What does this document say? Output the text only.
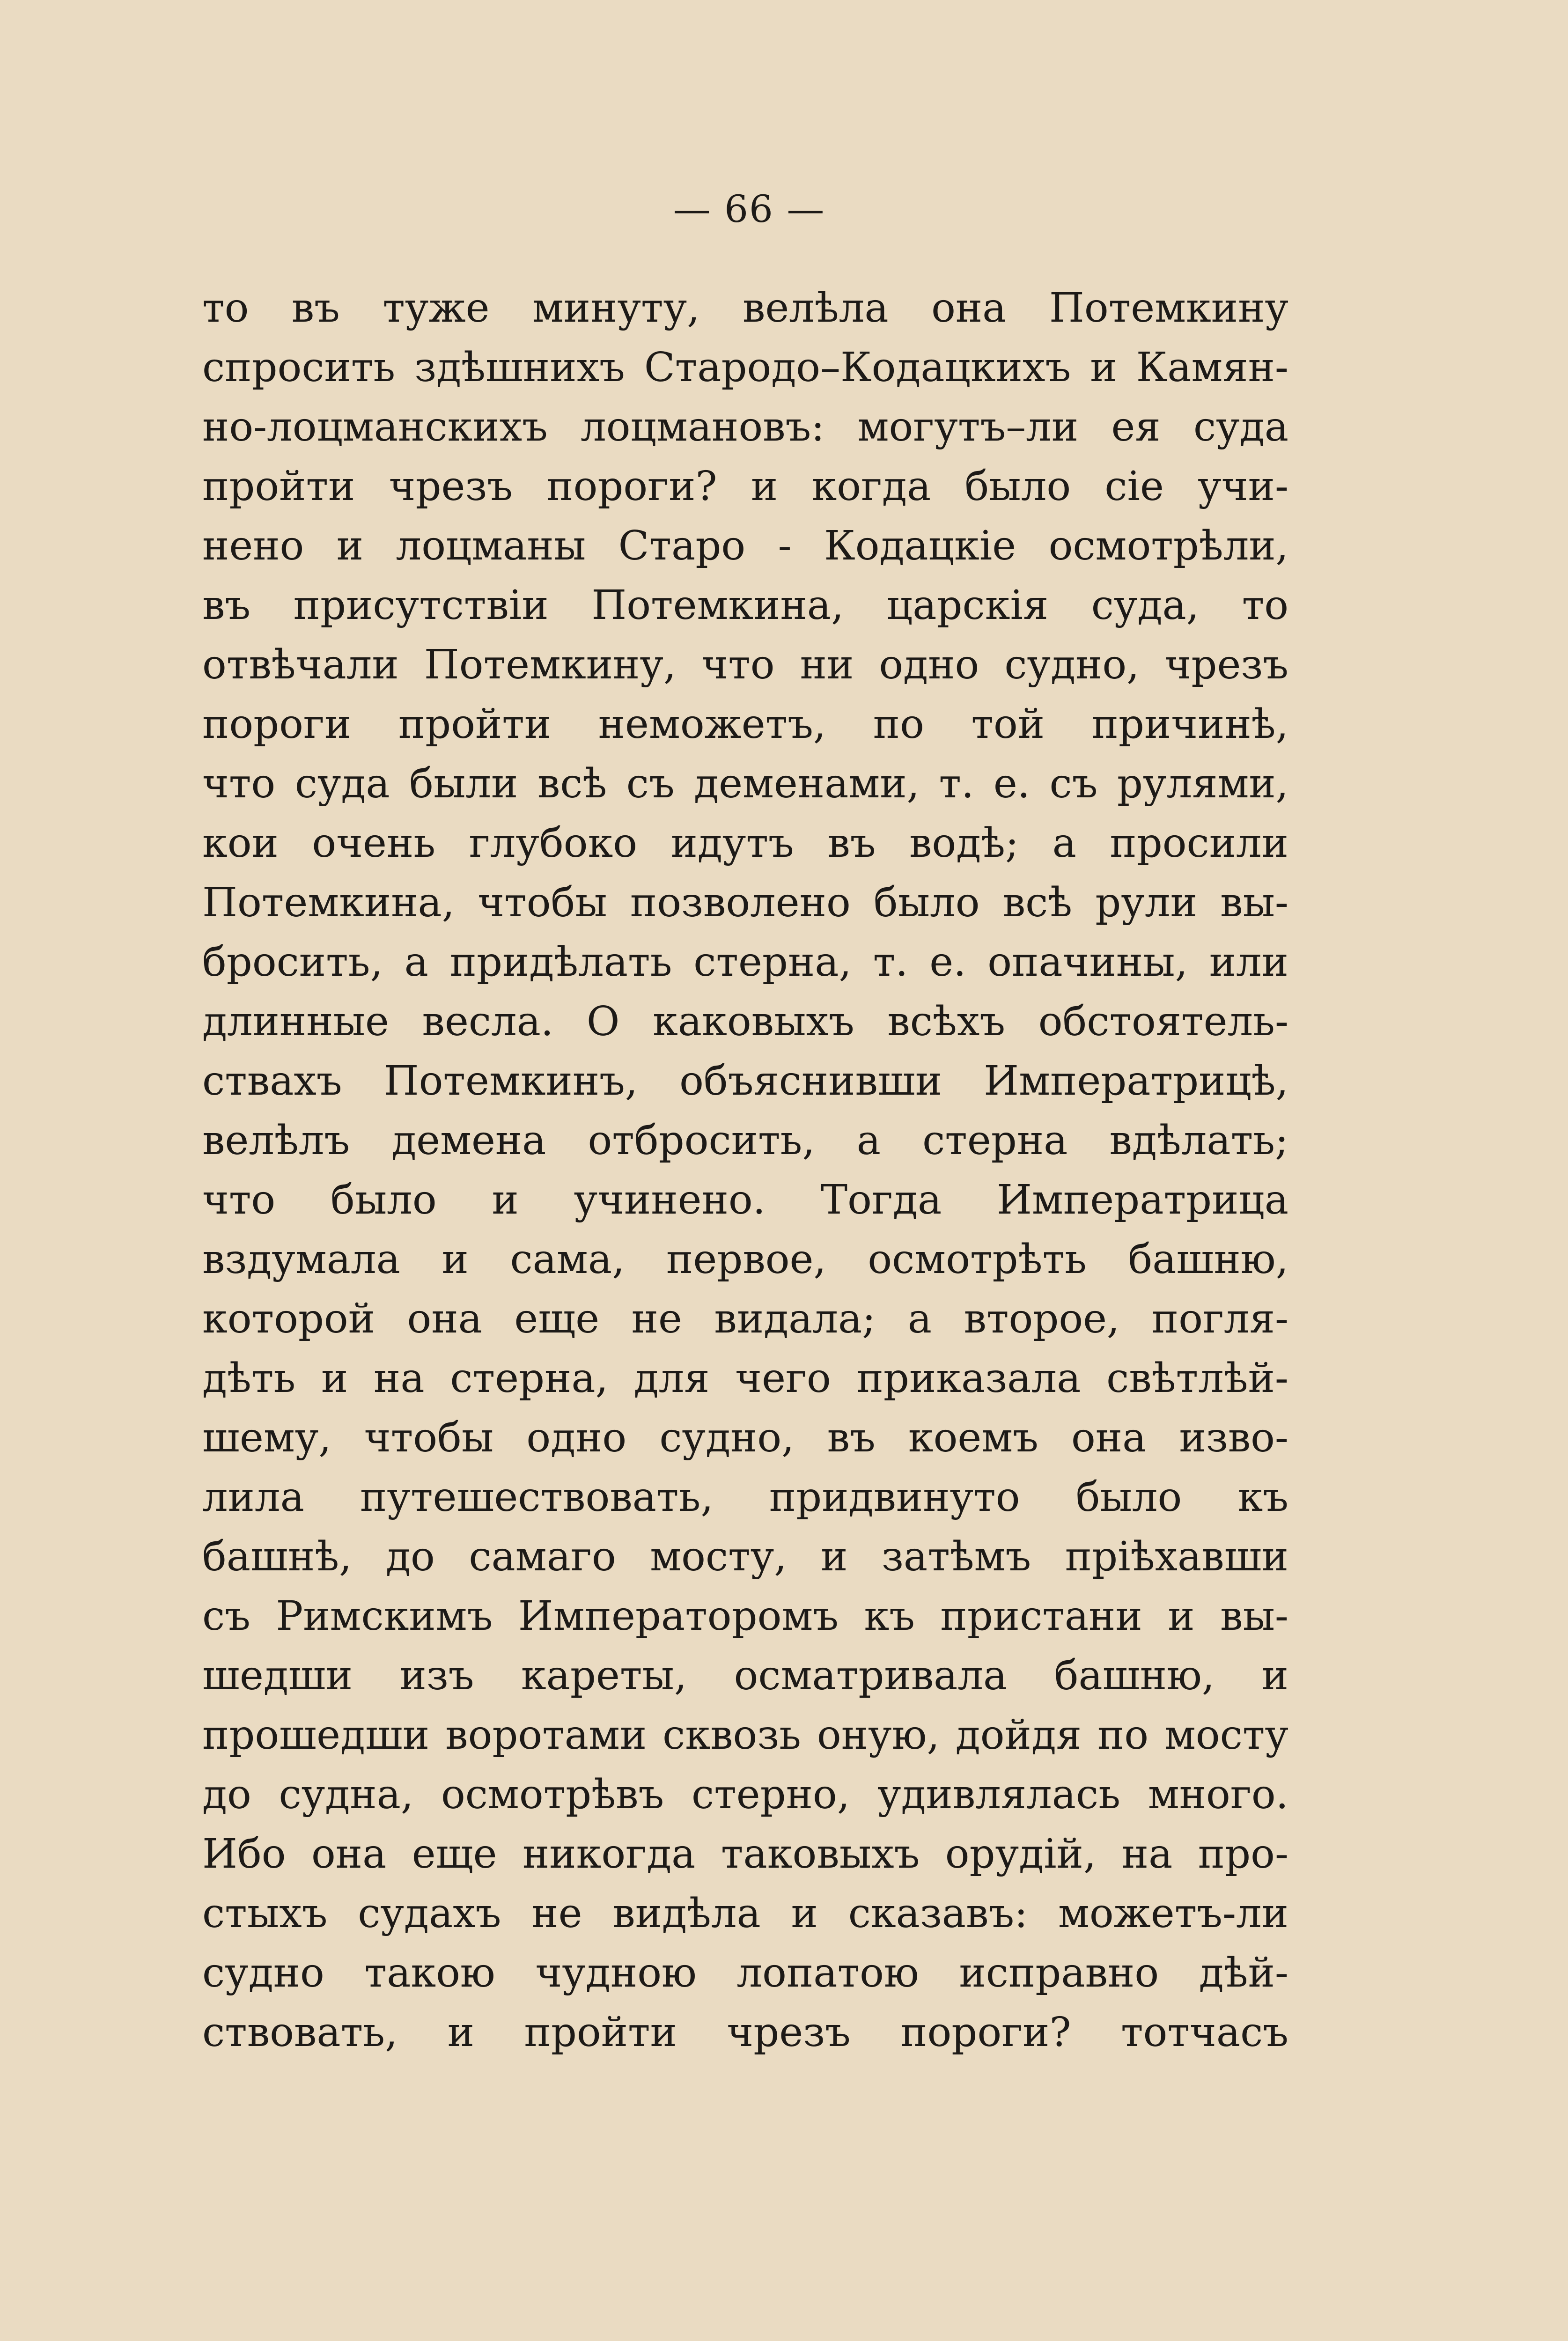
— 66 —
то въ туже минуту, велѣла она Потемкину
спросить здѣшнихъ Стародо–Кодацкихъ и Камян-
но-лоцманскихъ лоцмановъ: могутъ–ли ея суда
пройти чрезъ пороги? и когда было сіе учи-
нено и лоцманы Старо - Кодацкіе осмотрѣли,
въ присутствіи Потемкина, царскія суда, то
отвѣчали Потемкину, что ни одно судно, чрезъ
пороги пройти неможетъ, по той причинѣ,
что суда были всѣ съ деменами, т. е. съ рулями,
кои очень глубоко идутъ въ водѣ; а просили
Потемкина, чтобы позволено было всѣ рули вы-
бросить, а придѣлать стерна, т. е. опачины, или
длинные весла. О каковыхъ всѣхъ обстоятель-
ствахъ Потемкинъ, объяснивши Императрицѣ,
велѣлъ демена отбросить, а стерна вдѣлать;
что было и учинено. Тогда Императрица
вздумала и сама, первое, осмотрѣть башню,
которой она еще не видала; а второе, погля-
дѣть и на стерна, для чего приказала свѣтлѣй-
шему, чтобы одно судно, въ коемъ она изво-
лила путешествовать, придвинуто было къ
башнѣ, до самаго мосту, и затѣмъ пріѣхавши
съ Римскимъ Императоромъ къ пристани и вы-
шедши изъ кареты, осматривала башню, и
прошедши воротами сквозь оную, дойдя по мосту
до судна, осмотрѣвъ стерно, удивлялась много.
Ибо она еще никогда таковыхъ орудій, на про-
стыхъ судахъ не видѣла и сказавъ: можетъ-ли
судно такою чудною лопатою исправно дѣй-
ствовать, и пройти чрезъ пороги? тотчасъ
